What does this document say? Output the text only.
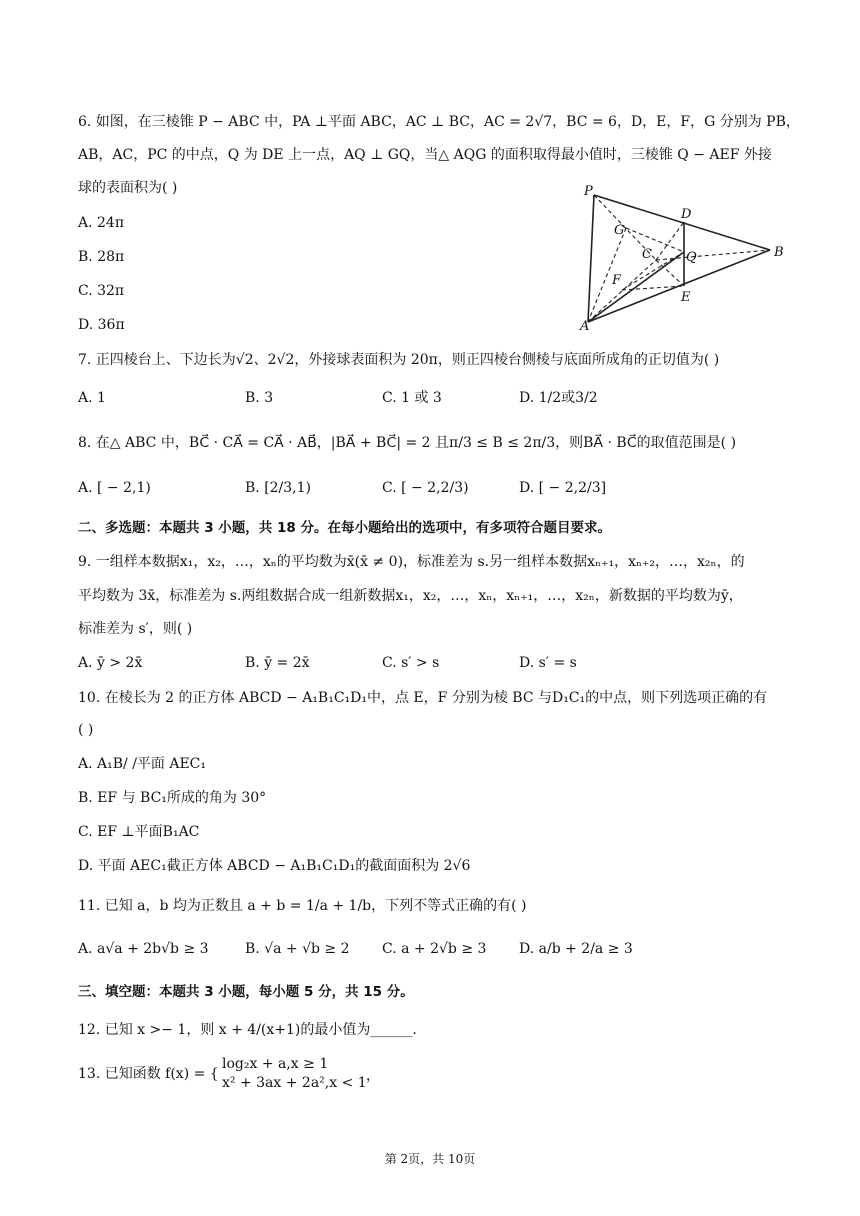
6. 如图，在三棱锥 P − ABC 中，PA ⊥平面 ABC，AC ⊥ BC，AC = 2√7，BC = 6，D，E，F，G 分别为 PB，
AB，AC，PC 的中点，Q 为 DE 上一点，AQ ⊥ GQ，当△ AQG 的面积取得最小值时，三棱锥 Q − AEF 外接
球的表面积为( )
A. 24π
B. 28π
C. 32π
D. 36π
P
D
G
C	Q	B
F
E
A
7. 正四棱台上、下边长为√2、2√2，外接球表面积为 20π，则正四棱台侧棱与底面所成角的正切值为( )
A. 1	B. 3	C. 1 或 3	D. 1/2或3/2
8. 在△ ABC 中，BC⃗ · CA⃗ = CA⃗ · AB⃗，|BA⃗ + BC⃗| = 2 且π/3 ≤ B ≤ 2π/3，则BA⃗ · BC⃗的取值范围是( )
A. [ − 2,1)	B. [2/3,1)	C. [ − 2,2/3)	D. [ − 2,2/3]
二、多选题：本题共 3 小题，共 18 分。在每小题给出的选项中，有多项符合题目要求。
9. 一组样本数据x₁，x₂，…，xₙ的平均数为x̄(x̄ ≠ 0)，标准差为 s.另一组样本数据xₙ₊₁，xₙ₊₂，…，x₂ₙ，的
平均数为 3x̄，标准差为 s.两组数据合成一组新数据x₁，x₂，…，xₙ，xₙ₊₁，…，x₂ₙ，新数据的平均数为ȳ，
标准差为 s′，则( )
A. ȳ > 2x̄	B. ȳ = 2x̄	C. s′ > s	D. s′ = s
10. 在棱长为 2 的正方体 ABCD − A₁B₁C₁D₁中，点 E，F 分别为棱 BC 与D₁C₁的中点，则下列选项正确的有
( )
A. A₁B/ /平面 AEC₁
B. EF 与 BC₁所成的角为 30°
C. EF ⊥平面B₁AC
D. 平面 AEC₁截正方体 ABCD − A₁B₁C₁D₁的截面面积为 2√6
11. 已知 a，b 均为正数且 a + b = 1/a + 1/b，下列不等式正确的有( )
A. a√a + 2b√b ≥ 3	B. √a + √b ≥ 2 C. a + 2√b ≥ 3 D. a/b + 2/a ≥ 3
三、填空题：本题共 3 小题，每小题 5 分，共 15 分。
12. 已知 x >− 1，则 x + 4/(x+1)的最小值为______.
13. 已知函数 f(x) = {
log₂x + a,x ≥ 1
x² + 3ax + 2a²,x < 1 ，
第 2页，共 10页
